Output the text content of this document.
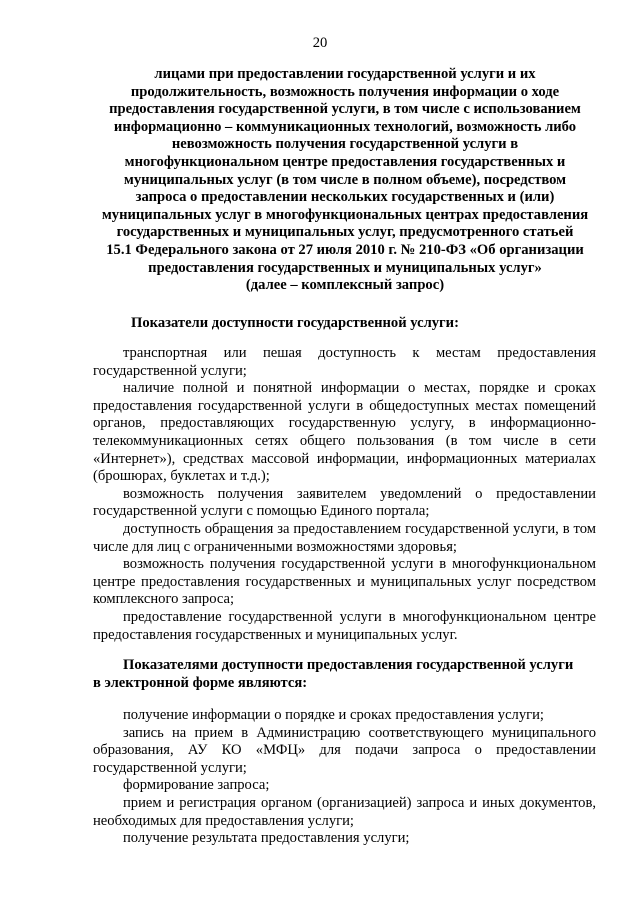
20
лицами при предоставлении государственной услуги и их
продолжительность, возможность получения информации о ходе
предоставления государственной услуги, в том числе с использованием
информационно – коммуникационных технологий, возможность либо
невозможность получения государственной услуги в
многофункциональном центре предоставления государственных и
муниципальных услуг (в том числе в полном объеме), посредством
запроса о предоставлении нескольких государственных и (или)
муниципальных услуг в многофункциональных центрах предоставления
государственных и муниципальных услуг, предусмотренного статьей
15.1 Федерального закона от 27 июля 2010 г. № 210-ФЗ «Об организации
предоставления государственных и муниципальных услуг»
(далее – комплексный запрос)
Показатели доступности государственной услуги:

транспортная или пешая доступность к местам предоставления государственной услуги;

наличие полной и понятной информации о местах, порядке и сроках предоставления государственной услуги в общедоступных местах помещений органов, предоставляющих государственную услугу, в информационно-телекоммуникационных сетях общего пользования (в том числе в сети «Интернет»), средствах массовой информации, информационных материалах (брошюрах, буклетах и т.д.);

возможность получения заявителем уведомлений о предоставлении государственной услуги с помощью Единого портала;

доступность обращения за предоставлением государственной услуги, в том числе для лиц с ограниченными возможностями здоровья;

возможность получения государственной услуги в многофункциональном центре предоставления государственных и муниципальных услуг посредством комплексного запроса;

предоставление государственной услуги в многофункциональном центре предоставления государственных и муниципальных услуг.

Показателями доступности предоставления государственной услуги
в электронной форме являются:

получение информации о порядке и сроках предоставления услуги;

запись на прием в Администрацию соответствующего муниципального образования, АУ КО «МФЦ» для подачи запроса о предоставлении государственной услуги;

формирование запроса;

прием и регистрация органом (организацией) запроса и иных документов, необходимых для предоставления услуги;

получение результата предоставления услуги;
